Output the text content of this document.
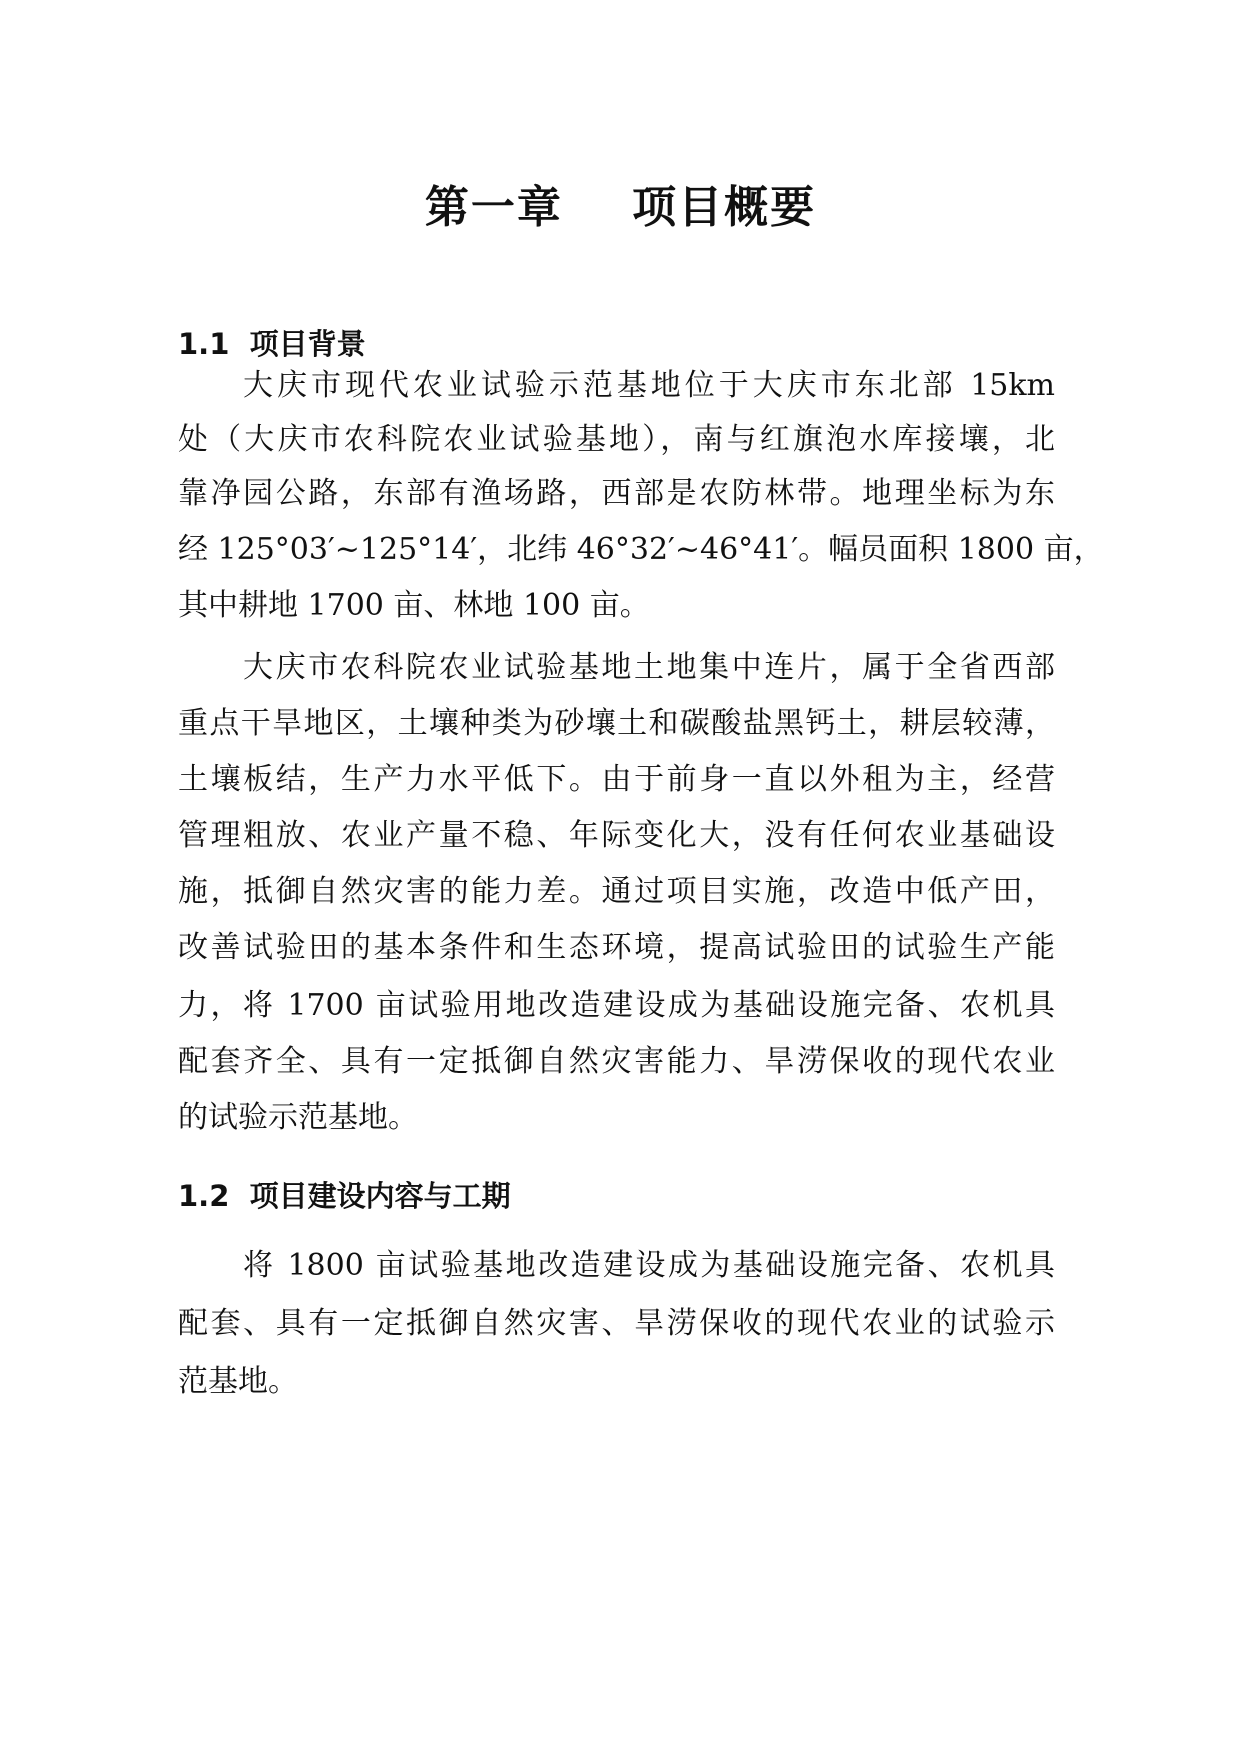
第一章    项目概要
1.1  项目背景
大庆市现代农业试验示范基地位于大庆市东北部 15km
处（大庆市农科院农业试验基地），南与红旗泡水库接壤，北
靠净园公路，东部有渔场路，西部是农防林带。地理坐标为东
经 125°03′~125°14′，北纬 46°32′~46°41′。幅员面积 1800 亩，
其中耕地 1700 亩、林地 100 亩。
大庆市农科院农业试验基地土地集中连片，属于全省西部
重点干旱地区，土壤种类为砂壤土和碳酸盐黑钙土，耕层较薄，
土壤板结，生产力水平低下。由于前身一直以外租为主，经营
管理粗放、农业产量不稳、年际变化大，没有任何农业基础设
施，抵御自然灾害的能力差。通过项目实施，改造中低产田，
改善试验田的基本条件和生态环境，提高试验田的试验生产能
力，将 1700 亩试验用地改造建设成为基础设施完备、农机具
配套齐全、具有一定抵御自然灾害能力、旱涝保收的现代农业
的试验示范基地。
1.2  项目建设内容与工期
将 1800 亩试验基地改造建设成为基础设施完备、农机具
配套、具有一定抵御自然灾害、旱涝保收的现代农业的试验示
范基地。
